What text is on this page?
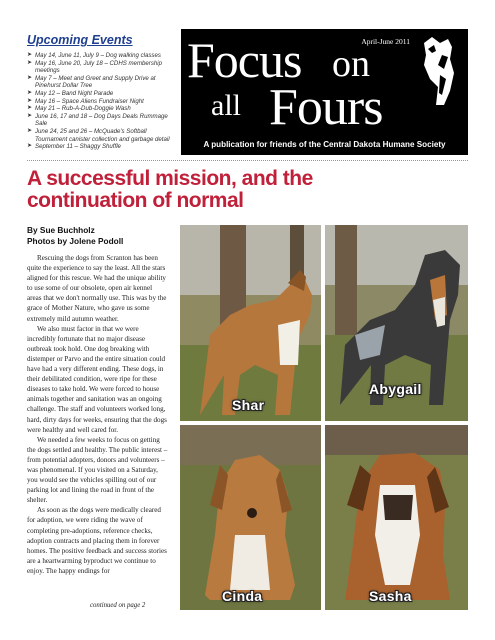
Upcoming Events
➤ May 14, June 11, July 9 – Dog walking classes
➤ May 16, June 20, July 18 – CDHS membership meetings
➤ May 7 – Meet and Greet and Supply Drive at Pinehurst Dollar Tree
➤ May 12 – Band Night Parade
➤ May 16 – Space Aliens Fundraiser Night
➤ May 21 – Rub-A-Dub-Doggie Wash
➤ June 16, 17 and 18 – Dog Days Deals Rummage Sale
➤ June 24, 25 and 26 – McQuade's Softball Tournament canister collection and garbage detail
➤ September 11 – Shaggy Shuffle
April-June 2011
Focus on
all Fours
A publication for friends of the Central Dakota Humane Society
A successful mission, and the continuation of normal
By Sue Buchholz
Photos by Jolene Podoll

Rescuing the dogs from Scranton has been quite the experience to say the least. All the stars aligned for this rescue. We had the unique ability to use some of our obsolete, open air kennel areas that we don't normally use. This was by the grace of Mother Nature, who gave us some extremely mild autumn weather.

We also must factor in that we were incredibly fortunate that no major disease outbreak took hold. One dog breaking with distemper or Parvo and the entire situation could have had a very different ending. These dogs, in their debilitated condition, were ripe for these diseases to take hold. We were forced to house animals together and sanitation was an ongoing challenge. The staff and volunteers worked long, hard, dirty days for weeks, ensuring that the dogs were healthy and well cared for.

We needed a few weeks to focus on getting the dogs settled and healthy. The public interest – from potential adopters, donors and volunteers – was phenomenal. If you visited on a Saturday, you would see the vehicles spilling out of our parking lot and lining the road in front of the shelter.

As soon as the dogs were medically cleared for adoption, we were riding the wave of completing pre-adoptions, reference checks, adoption contracts and placing them in forever homes. The positive feedback and success stories are a heartwarming byproduct we continue to enjoy. The happy endings for

continued on page 2
Shar
Abygail
Cinda	Sasha
